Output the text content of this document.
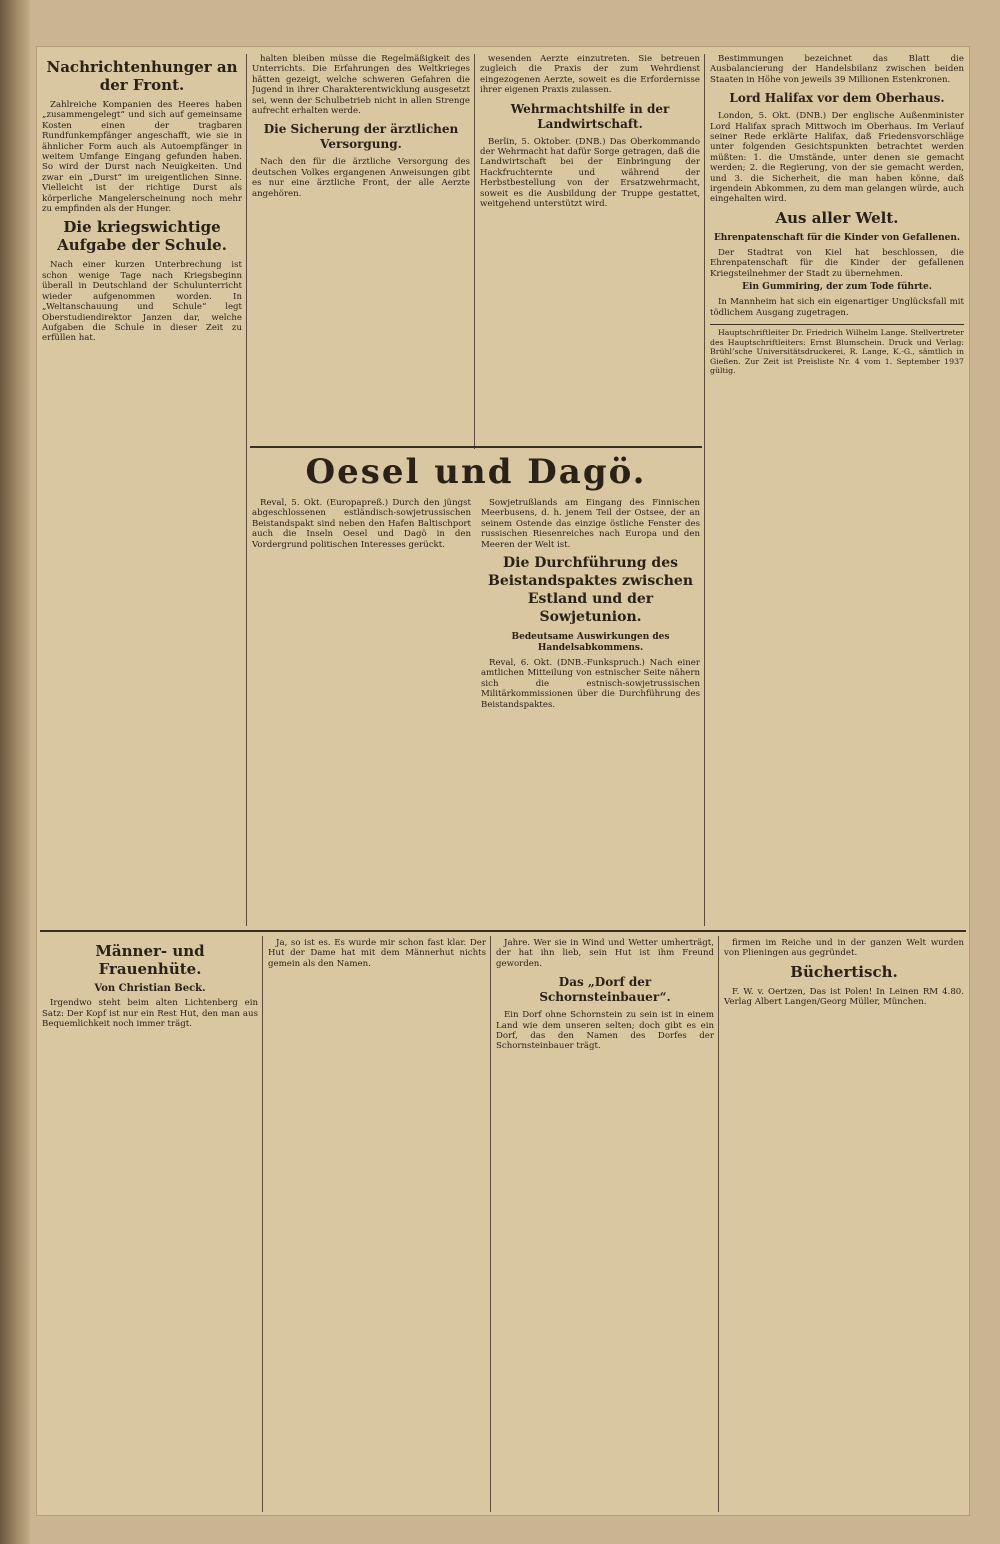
Nachrichtenhunger an der Front.

Zahlreiche Kompanien des Heeres haben „zusammengelegt“ und sich auf gemeinsame Kosten einen der tragbaren Rundfunkempfänger angeschafft, wie sie in ähnlicher Form auch als Autoempfänger in weitem Umfange Eingang gefunden haben. So wird der Durst nach Neuigkeiten. Und zwar ein „Durst“ im ureigentlichen Sinne. Vielleicht ist der richtige Durst als körperliche Mangelerscheinung noch mehr zu empfinden als der Hunger.

Die kriegswichtige Aufgabe der Schule.

Nach einer kurzen Unterbrechung ist schon wenige Tage nach Kriegsbeginn überall in Deutschland der Schulunterricht wieder aufgenommen worden. In „Weltanschauung und Schule“ legt Oberstudiendirektor Janzen dar, welche Aufgaben die Schule in dieser Zeit zu erfüllen hat.

halten bleiben müsse die Regelmäßigkeit des Unterrichts. Die Erfahrungen des Weltkrieges hätten gezeigt, welche schweren Gefahren die Jugend in ihrer Charakterentwicklung ausgesetzt sei, wenn der Schulbetrieb nicht in allen Strenge aufrecht erhalten werde.

Die Sicherung der ärztlichen Versorgung.

Nach den für die ärztliche Versorgung des deutschen Volkes ergangenen Anweisungen gibt es nur eine ärztliche Front, der alle Aerzte angehören.

wesenden Aerzte einzutreten. Sie betreuen zugleich die Praxis der zum Wehrdienst eingezogenen Aerzte, soweit es die Erfordernisse ihrer eigenen Praxis zulassen.

Wehrmachtshilfe in der Landwirtschaft.

Berlin, 5. Oktober. (DNB.) Das Oberkommando der Wehrmacht hat dafür Sorge getragen, daß die Landwirtschaft bei der Einbringung der Hackfruchternte und während der Herbstbestellung von der Ersatzwehrmacht, soweit es die Ausbildung der Truppe gestattet, weitgehend unterstützt wird.

Oesel und Dagö.

Reval, 5. Okt. (Europapreß.) Durch den jüngst abgeschlossenen estländisch-sowjetrussischen Beistandspakt sind neben den Hafen Baltischport auch die Inseln Oesel und Dagö in den Vordergrund politischen Interesses gerückt.

Sowjetrußlands am Eingang des Finnischen Meerbusens, d. h. jenem Teil der Ostsee, der an seinem Ostende das einzige östliche Fenster des russischen Riesenreiches nach Europa und den Meeren der Welt ist.

Die Durchführung des Beistandspaktes zwischen Estland und der Sowjetunion.
Bedeutsame Auswirkungen des Handelsabkommens.

Reval, 6. Okt. (DNB.-Funkspruch.) Nach einer amtlichen Mitteilung von estnischer Seite nähern sich die estnisch-sowjetrussischen Militärkommissionen über die Durchführung des Beistandspaktes.

Bestimmungen bezeichnet das Blatt die Ausbalancierung der Handelsbilanz zwischen beiden Staaten in Höhe von jeweils 39 Millionen Estenkronen.

Lord Halifax vor dem Oberhaus.

London, 5. Okt. (DNB.) Der englische Außenminister Lord Halifax sprach Mittwoch im Oberhaus. Im Verlauf seiner Rede erklärte Halifax, daß Friedensvorschläge unter folgenden Gesichtspunkten betrachtet werden müßten: 1. die Umstände, unter denen sie gemacht werden; 2. die Regierung, von der sie gemacht werden, und 3. die Sicherheit, die man haben könne, daß irgendein Abkommen, zu dem man gelangen würde, auch eingehalten wird.

Aus aller Welt.
Ehrenpatenschaft für die Kinder von Gefallenen.

Der Stadtrat von Kiel hat beschlossen, die Ehrenpatenschaft für die Kinder der gefallenen Kriegsteilnehmer der Stadt zu übernehmen.

Ein Gummiring, der zum Tode führte.

In Mannheim hat sich ein eigenartiger Unglücksfall mit tödlichem Ausgang zugetragen.

Hauptschriftleiter Dr. Friedrich Wilhelm Lange. Stellvertreter des Hauptschriftleiters: Ernst Blumschein. Druck und Verlag: Brühl’sche Universitätsdruckerei, R. Lange, K.-G., sämtlich in Gießen. Zur Zeit ist Preisliste Nr. 4 vom 1. September 1937 gültig.

Männer- und Frauenhüte.
Von Christian Beck.

Irgendwo steht beim alten Lichtenberg ein Satz: Der Kopf ist nur ein Rest Hut, den man aus Bequemlichkeit noch immer trägt.

Ja, so ist es. Es wurde mir schon fast klar. Der Hut der Dame hat mit dem Männerhut nichts gemein als den Namen.

Jahre. Wer sie in Wind und Wetter umherträgt, der hat ihn lieb, sein Hut ist ihm Freund geworden.

Das „Dorf der Schornsteinbauer“.

Ein Dorf ohne Schornstein zu sein ist in einem Land wie dem unseren selten; doch gibt es ein Dorf, das den Namen des Dorfes der Schornsteinbauer trägt.

firmen im Reiche und in der ganzen Welt wurden von Plieningen aus gegründet.

Büchertisch.

F. W. v. Oertzen, Das ist Polen! In Leinen RM 4.80. Verlag Albert Langen/Georg Müller, München.
